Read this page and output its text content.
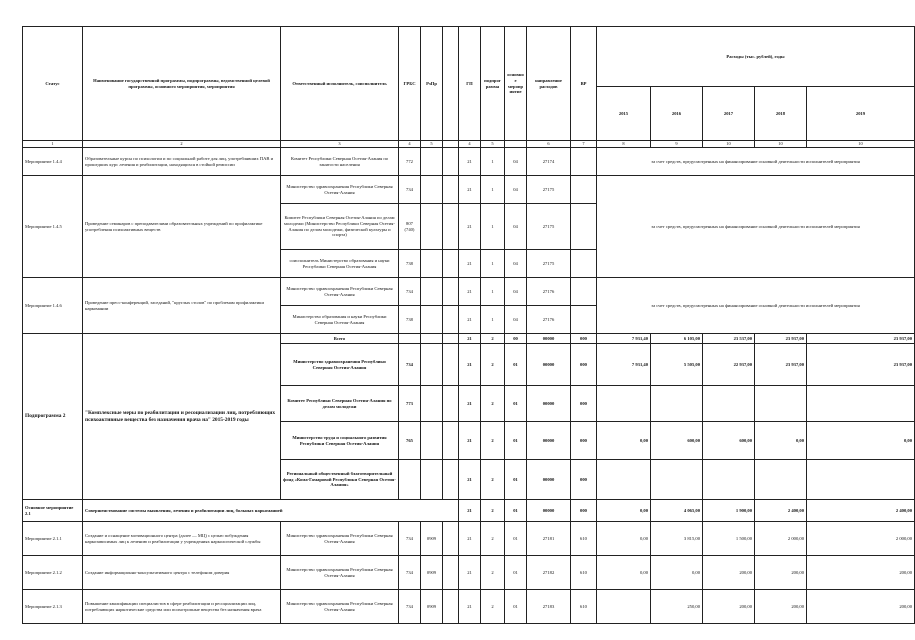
Статус	Наименование государственной программы, подпрограммы, ведомственной целевой программы, основного мероприятия, мероприятия	Ответственный исполнитель, соисполнитель	ГРБС	РзПр		ГП	подпрограмма	основное мероприятие	направление расходов	ВР	Расходы (тыс. рублей), годы				
											2015	2016	2017	2018	2019
1	2	3	4	5		4	5		6	7	8	9	10	10	10
Мероприятие 1.4.4	Образовательные курсы по психологии и по социальной работе для лиц, употреблявших ПАВ и прошедших курс лечения и реабилитации, находящихся в стойкой ремиссии	Комитет Республики Северная Осетия-Алания по занятости населения	772			21	1	04	27174		за счет средств, предусмотренных на финансирование основной деятельности исполнителей мероприятия				
Мероприятие 1.4.5	Проведение семинаров с преподавателями образовательных учреждений по профилактике употребления психоактивных веществ	Министерство здравоохранения Республики Северная Осетия-Алания	734			21	1	04	27175		за счет средств, предусмотренных на финансирование основной деятельности исполнителей мероприятия				
		Комитет Республики Северная Осетия-Алания по делам молодежи (Министерство Республики Северная Осетия-Алания по делам молодежи, физической культуры и спорта)	807 (740)			21	1	04	27175						
		соисполнитель Министерство образования и науки Республики Северная Осетия-Алания	738			21	1	04	27175						
Мероприятие 1.4.6	Проведение пресс-конференций, заседаний, "круглых столов" по проблемам профилактики наркомании	Министерство здравоохранения Республики Северная Осетия-Алания	734			21	1	04	27176		за счет средств, предусмотренных на финансирование основной деятельности исполнителей мероприятия				
		Министерство образования и науки Республики Северная Осетия-Алания	738			21	1	04	27176						
Подпрограмма 2	"Комплексные меры по реабилитации и ресоциализации лиц, потребляющих психоактивные вещества без назначения врача на" 2015-2019 годы	Всего				21	2	00	00000	000	7 931,40	6 105,00	23 537,00	23 937,00	23 937,00
		Министерство здравоохранения Республики Северная Осетия-Алания	734			21	2	01	00000	000	7 931,40	5 505,00	22 937,00	23 937,00	23 937,00
		Комитет Республики Северная Осетия-Алания по делам молодежи	773			21	2	01	00000	000					
		Министерство труда и социального развития Республики Северная Осетия-Алания	765			21	2	01	00000	000	0,00	600,00	600,00	0,00	0,00
		Региональный общественный благотворительный фонд «Кома-Гамаровой Республики Северная Осетия-Алания»				21	2	01	00000	000					
Основное мероприятие 2.1	Совершенствование системы выявления, лечения и реабилитации лиц, больных наркоманией					21	2	01	00000	000	0,00	4 065,00	1 900,00	2 400,00	2 400,00
Мероприятие 2.1.1	Создание и оснащение мотивационного центра (далее — МЦ) с целью побуждения наркозависимых лиц к лечению и реабилитации у учреждениях наркологической службы	Министерство здравоохранения Республики Северная Осетия-Алания	734	0909		21	2	01	27181	610	0,00	3 815,00	1 500,00	2 000,00	2 000,00
Мероприятие 2.1.2	Создание информационно-консультативного центра с телефоном доверия	Министерство здравоохранения Республики Северная Осетия-Алания	734	0909		21	2	01	27182	610	0,00	0,00	200,00	200,00	200,00
Мероприятие 2.1.3	Повышение квалификации специалистов в сфере реабилитации и ресоциализации лиц, потребляющих наркотические средства или психотропные вещества без назначения врача	Министерство здравоохранения Республики Северная Осетия-Алания	734	0909		21	2	01	27183	610		250,00	200,00	200,00	200,00
